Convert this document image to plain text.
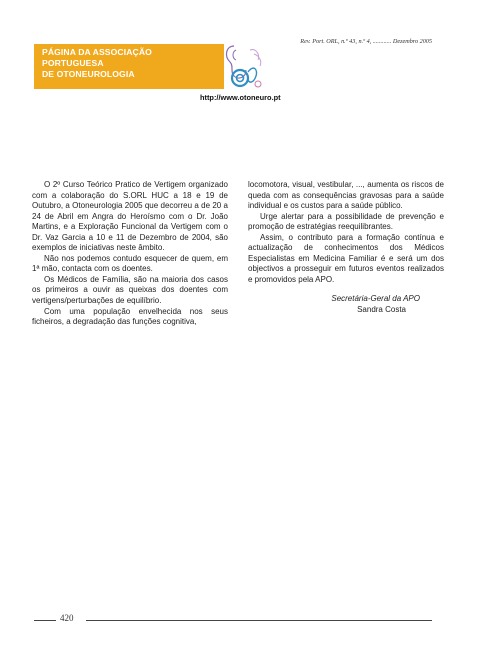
Rev. Port. ORL, n.º 43, n.º 4, ............ Dezembro 2005
PÁGINA DA ASSOCIAÇÃO
PORTUGUESA
DE OTONEUROLOGIA
http://www.otoneuro.pt

O 2º Curso Teórico Pratico de Vertigem organizado com a colaboração do S.ORL HUC a 18 e 19 de Outubro, a Otoneurologia 2005 que decorreu a de 20 a 24 de Abril em Angra do Heroísmo com o Dr. João Martins, e a Exploração Funcional da Vertigem com o Dr. Vaz Garcia a 10 e 11 de Dezembro de 2004, são exemplos de iniciativas neste âmbito.

Não nos podemos contudo esquecer de quem, em 1ª mão, contacta com os doentes.

Os Médicos de Família, são na maioria dos casos os primeiros a ouvir as queixas dos doentes com vertigens/perturbações de equilíbrio.

Com uma população envelhecida nos seus ficheiros, a degradação das funções cognitiva,

locomotora, visual, vestibular, ..., aumenta os riscos de queda com as consequências gravosas para a saúde individual e os custos para a saúde público.

Urge alertar para a possibilidade de prevenção e promoção de estratégias reequilibrantes.

Assim, o contributo para a formação contínua e actualização de conhecimentos dos Médicos Especialistas em Medicina Familiar é e será um dos objectivos a prosseguir em futuros eventos realizados e promovidos pela APO.

Secretária-Geral da APO
Sandra Costa
420
